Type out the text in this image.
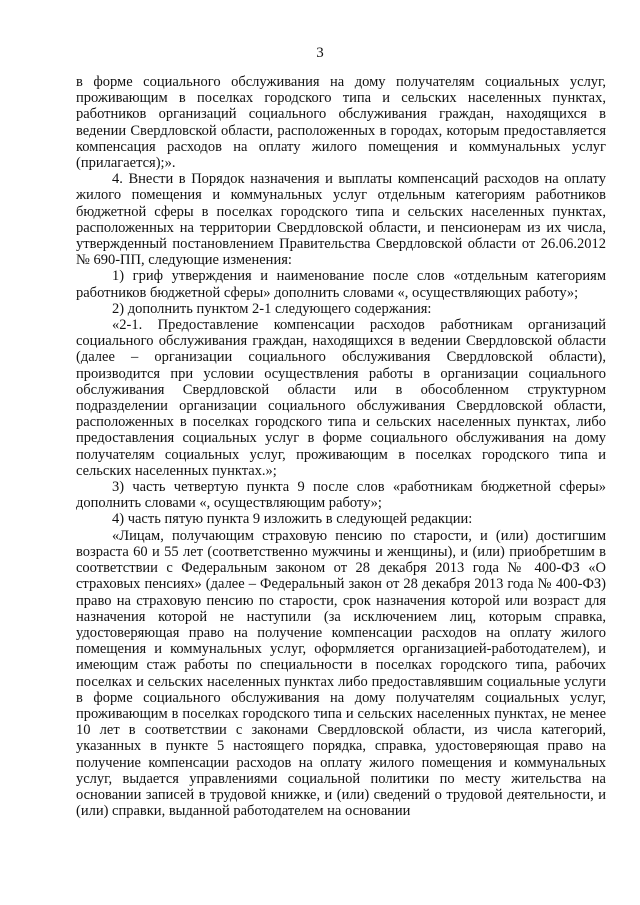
3

в форме социального обслуживания на дому получателям социальных услуг, проживающим в поселках городского типа и сельских населенных пунктах, работников организаций социального обслуживания граждан, находящихся в ведении Свердловской области, расположенных в городах, которым предоставляется компенсация расходов на оплату жилого помещения и коммунальных услуг (прилагается);».

4. Внести в Порядок назначения и выплаты компенсаций расходов на оплату жилого помещения и коммунальных услуг отдельным категориям работников бюджетной сферы в поселках городского типа и сельских населенных пунктах, расположенных на территории Свердловской области, и пенсионерам из их числа, утвержденный постановлением Правительства Свердловской области от 26.06.2012 № 690-ПП, следующие изменения:

1) гриф утверждения и наименование после слов «отдельным категориям работников бюджетной сферы» дополнить словами «, осуществляющих работу»;

2) дополнить пунктом 2-1 следующего содержания:

«2-1. Предоставление компенсации расходов работникам организаций социального обслуживания граждан, находящихся в ведении Свердловской области (далее – организации социального обслуживания Свердловской области), производится при условии осуществления работы в организации социального обслуживания Свердловской области или в обособленном структурном подразделении организации социального обслуживания Свердловской области, расположенных в поселках городского типа и сельских населенных пунктах, либо предоставления социальных услуг в форме социального обслуживания на дому получателям социальных услуг, проживающим в поселках городского типа и сельских населенных пунктах.»;

3) часть четвертую пункта 9 после слов «работникам бюджетной сферы» дополнить словами «, осуществляющим работу»;

4) часть пятую пункта 9 изложить в следующей редакции:

«Лицам, получающим страховую пенсию по старости, и (или) достигшим возраста 60 и 55 лет (соответственно мужчины и женщины), и (или) приобретшим в соответствии с Федеральным законом от 28 декабря 2013 года № 400-ФЗ «О страховых пенсиях» (далее – Федеральный закон от 28 декабря 2013 года № 400-ФЗ) право на страховую пенсию по старости, срок назначения которой или возраст для назначения которой не наступили (за исключением лиц, которым справка, удостоверяющая право на получение компенсации расходов на оплату жилого помещения и коммунальных услуг, оформляется организацией-работодателем), и имеющим стаж работы по специальности в поселках городского типа, рабочих поселках и сельских населенных пунктах либо предоставлявшим социальные услуги в форме социального обслуживания на дому получателям социальных услуг, проживающим в поселках городского типа и сельских населенных пунктах, не менее 10 лет в соответствии с законами Свердловской области, из числа категорий, указанных в пункте 5 настоящего порядка, справка, удостоверяющая право на получение компенсации расходов на оплату жилого помещения и коммунальных услуг, выдается управлениями социальной политики по месту жительства на основании записей в трудовой книжке, и (или) сведений о трудовой деятельности, и (или) справки, выданной работодателем на основании
